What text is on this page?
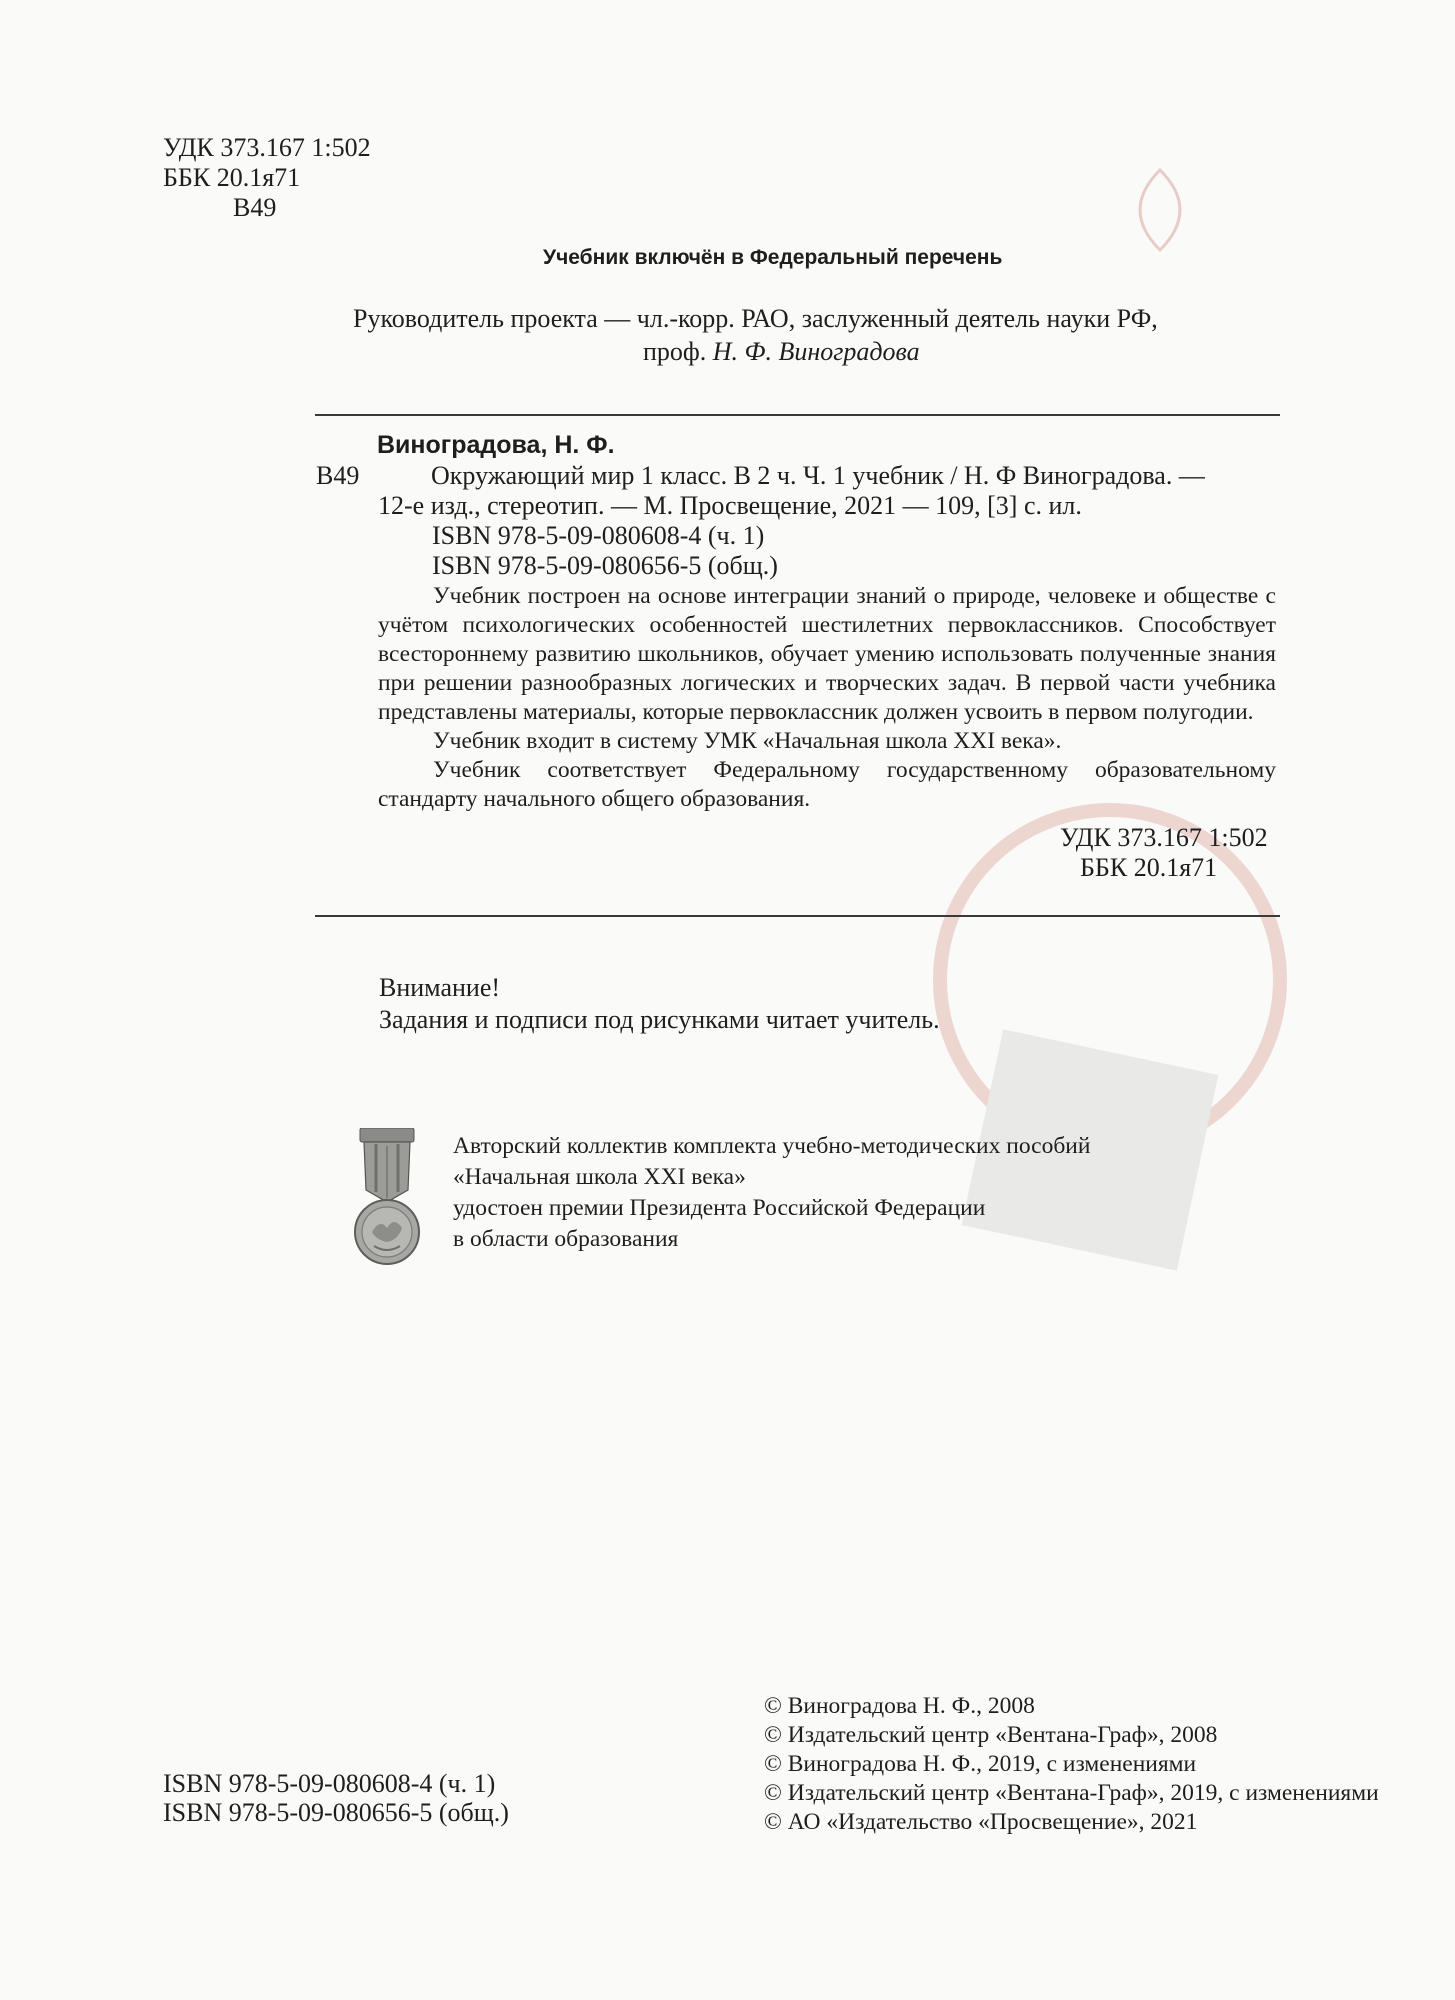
УДК 373.167 1:502
ББК 20.1я71
В49
Учебник включён в Федеральный перечень
Руководитель проекта — чл.-корр. РАО, заслуженный деятель науки РФ,
проф. Н. Ф. Виноградова
Виноградова, Н. Ф.
В49	Окружающий мир 1 класс. В 2 ч. Ч. 1 учебник / Н. Ф Виноградова. —
12-е изд., стереотип. — М. Просвещение, 2021 — 109, [3] с. ил.
ISBN 978-5-09-080608-4 (ч. 1)
ISBN 978-5-09-080656-5 (общ.)

Учебник построен на основе интеграции знаний о природе, человеке и обществе с учётом психологических особенностей шестилетних первоклассников. Способствует всестороннему развитию школьников, обучает умению использовать полученные знания при решении разнообразных логических и творческих задач. В первой части учебника представлены материалы, которые первоклассник должен усвоить в первом полугодии.

Учебник входит в систему УМК «Начальная школа XXI века».

Учебник соответствует Федеральному государственному образовательному стандарту начального общего образования.

УДК 373.167 1:502
ББК 20.1я71
Внимание!
Задания и подписи под рисунками читает учитель.
Авторский коллектив комплекта учебно-методических пособий
«Начальная школа XXI века»
удостоен премии Президента Российской Федерации
в области образования
ISBN 978-5-09-080608-4 (ч. 1)
ISBN 978-5-09-080656-5 (общ.)
© Виноградова Н. Ф., 2008
© Издательский центр «Вентана-Граф», 2008
© Виноградова Н. Ф., 2019, с изменениями
© Издательский центр «Вентана-Граф», 2019, с изменениями
© АО «Издательство «Просвещение», 2021
